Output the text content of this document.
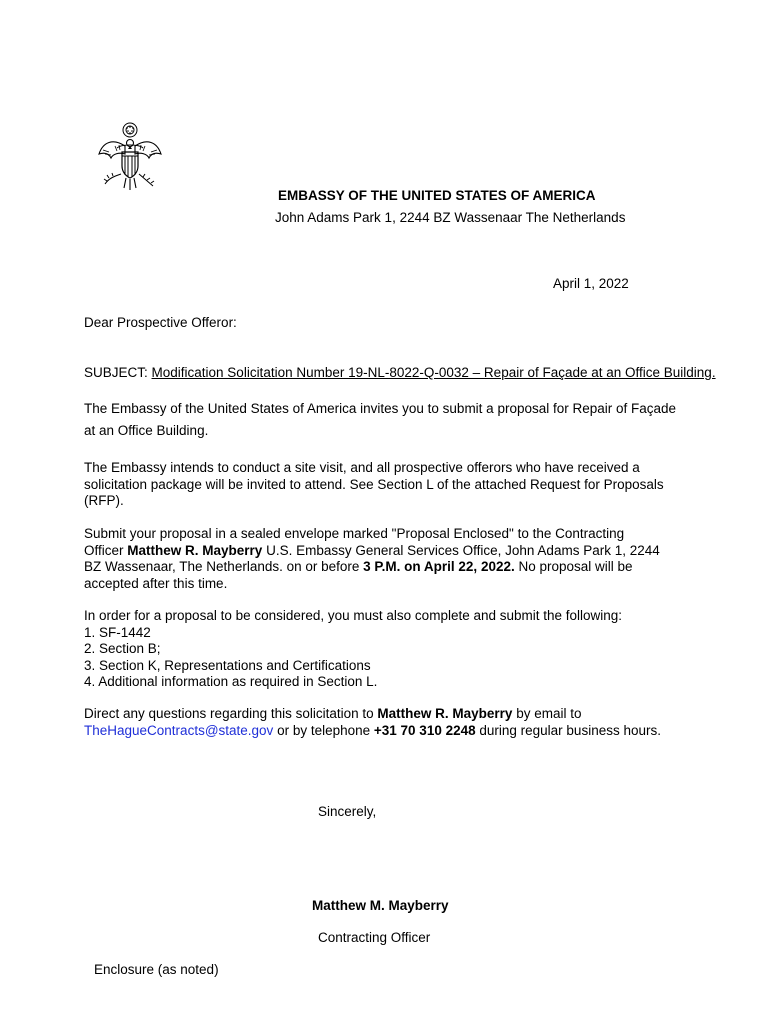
EMBASSY OF THE UNITED STATES OF AMERICA
John Adams Park 1, 2244 BZ Wassenaar The Netherlands
April 1, 2022
Dear Prospective Offeror:
SUBJECT: Modification Solicitation Number 19-NL-8022-Q-0032 – Repair of Façade at an Office Building.
The Embassy of the United States of America invites you to submit a proposal for Repair of Façade at an Office Building.
The Embassy intends to conduct a site visit, and all prospective offerors who have received a solicitation package will be invited to attend. See Section L of the attached Request for Proposals (RFP).
Submit your proposal in a sealed envelope marked "Proposal Enclosed" to the Contracting Officer Matthew R. Mayberry U.S. Embassy General Services Office, John Adams Park 1, 2244 BZ Wassenaar, The Netherlands. on or before 3 P.M. on April 22, 2022. No proposal will be accepted after this time.
In order for a proposal to be considered, you must also complete and submit the following:
1. SF-1442
2. Section B;
3. Section K, Representations and Certifications
4. Additional information as required in Section L.
Direct any questions regarding this solicitation to Matthew R. Mayberry by email to
TheHagueContracts@state.gov or by telephone +31 70 310 2248 during regular business hours.
Sincerely,
Matthew M. Mayberry
Contracting Officer
Enclosure (as noted)
